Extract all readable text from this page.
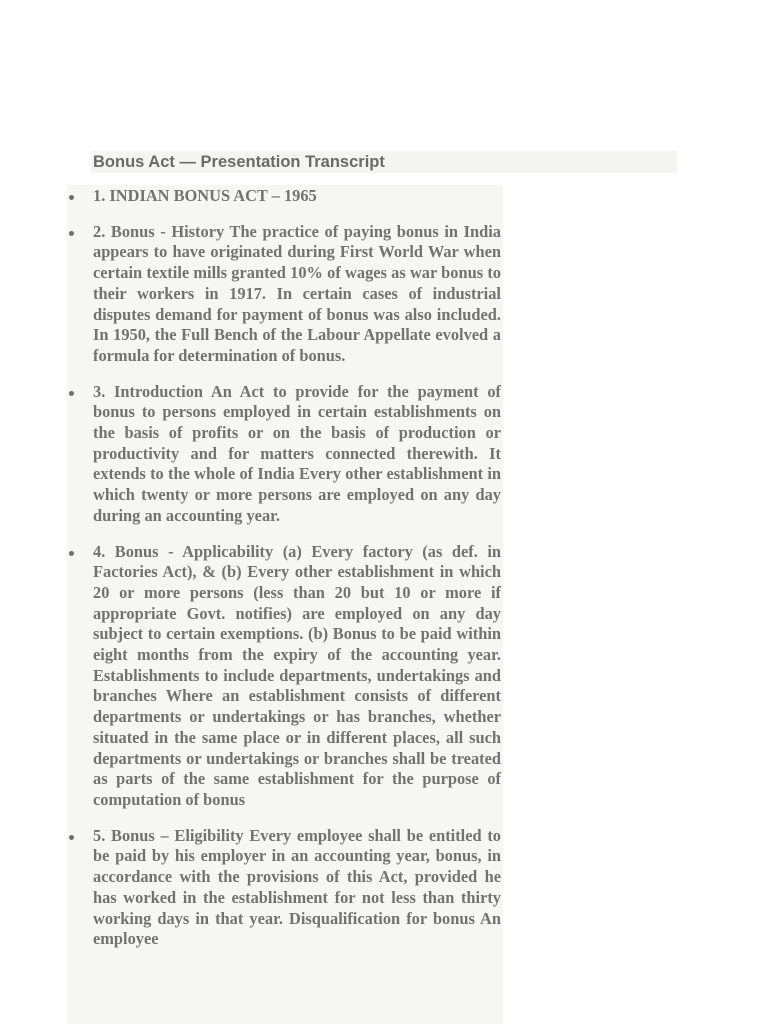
Bonus Act — Presentation Transcript
1. INDIAN BONUS ACT – 1965
2. Bonus - History The practice of paying bonus in India appears to have originated during First World War when certain textile mills granted 10% of wages as war bonus to their workers in 1917. In certain cases of industrial disputes demand for payment of bonus was also included. In 1950, the Full Bench of the Labour Appellate evolved a formula for determination of bonus.
3. Introduction An Act to provide for the payment of bonus to persons employed in certain establishments on the basis of profits or on the basis of production or productivity and for matters connected therewith. It extends to the whole of India Every other establishment in which twenty or more persons are employed on any day during an accounting year.
4. Bonus - Applicability (a) Every factory (as def. in Factories Act), & (b) Every other establishment in which 20 or more persons (less than 20 but 10 or more if appropriate Govt. notifies) are employed on any day subject to certain exemptions. (b) Bonus to be paid within eight months from the expiry of the accounting year. Establishments to include departments, undertakings and branches Where an establishment consists of different departments or undertakings or has branches, whether situated in the same place or in different places, all such departments or undertakings or branches shall be treated as parts of the same establishment for the purpose of computation of bonus
5. Bonus – Eligibility Every employee shall be entitled to be paid by his employer in an accounting year, bonus, in accordance with the provisions of this Act, provided he has worked in the establishment for not less than thirty working days in that year. Disqualification for bonus An employee
